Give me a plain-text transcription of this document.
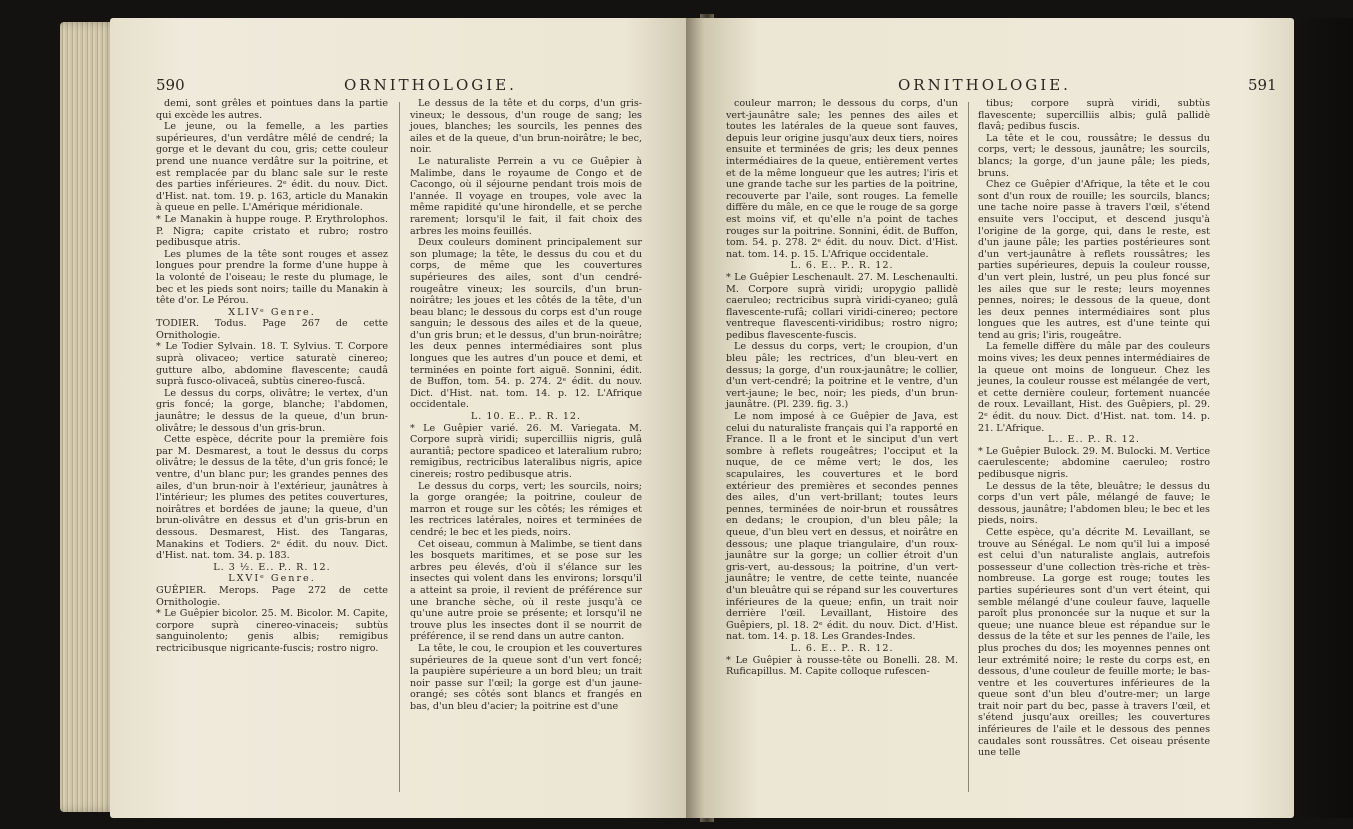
590	ORNITHOLOGIE.

demi, sont grêles et pointues dans la partie qui excède les autres.

Le jeune, ou la femelle, a les parties supérieures, d'un verdâtre mêlé de cendré; la gorge et le devant du cou, gris; cette couleur prend une nuance verdâtre sur la poitrine, et est remplacée par du blanc sale sur le reste des parties inférieures. 2ᵉ édit. du nouv. Dict. d'Hist. nat. tom. 19. p. 163, article du Manakin à queue en pelle. L'Amérique méridionale.

* Le Manakin à huppe rouge. P. Erythrolophos. P. Nigra; capite cristato et rubro; rostro pedibusque atris.

Les plumes de la tête sont rouges et assez longues pour prendre la forme d'une huppe à la volonté de l'oiseau; le reste du plumage, le bec et les pieds sont noirs; taille du Manakin à tête d'or. Le Pérou.

XLIVᵉ Genre.

TODIER. Todus. Page 267 de cette Ornithologie.

* Le Todier Sylvain. 18. T. Sylvius. T. Corpore suprà olivaceo; vertice saturatè cinereo; gutture albo, abdomine flavescente; caudâ suprà fusco-olivaceâ, subtùs cinereo-fuscâ.

Le dessus du corps, olivâtre; le vertex, d'un gris foncé; la gorge, blanche; l'abdomen, jaunâtre; le dessus de la queue, d'un brun-olivâtre; le dessous d'un gris-brun.

Cette espèce, décrite pour la première fois par M. Desmarest, a tout le dessus du corps olivâtre; le dessus de la tête, d'un gris foncé; le ventre, d'un blanc pur; les grandes pennes des ailes, d'un brun-noir à l'extérieur, jaunâtres à l'intérieur; les plumes des petites couvertures, noirâtres et bordées de jaune; la queue, d'un brun-olivâtre en dessus et d'un gris-brun en dessous. Desmarest, Hist. des Tangaras, Manakins et Todiers. 2ᵉ édit. du nouv. Dict. d'Hist. nat. tom. 34. p. 183.

L. 3 ½. E.. P.. R. 12.

LXVIᵉ Genre.

GUÊPIER. Merops. Page 272 de cette Ornithologie.

* Le Guêpier bicolor. 25. M. Bicolor. M. Capite, corpore suprà cinereo-vinaceis; subtùs sanguinolento; genis albis; remigibus rectricibusque nigricante-fuscis; rostro nigro.

Le dessus de la tête et du corps, d'un gris-vineux; le dessous, d'un rouge de sang; les joues, blanches; les sourcils, les pennes des ailes et de la queue, d'un brun-noirâtre; le bec, noir.

Le naturaliste Perrein a vu ce Guêpier à Malimbe, dans le royaume de Congo et de Cacongo, où il séjourne pendant trois mois de l'année. Il voyage en troupes, vole avec la même rapidité qu'une hirondelle, et se perche rarement; lorsqu'il le fait, il fait choix des arbres les moins feuillés.

Deux couleurs dominent principalement sur son plumage; la tête, le dessus du cou et du corps, de même que les couvertures supérieures des ailes, sont d'un cendré-rougeâtre vineux; les sourcils, d'un brun-noirâtre; les joues et les côtés de la tête, d'un beau blanc; le dessous du corps est d'un rouge sanguin; le dessous des ailes et de la queue, d'un gris brun; et le dessus, d'un brun-noirâtre; les deux pennes intermédiaires sont plus longues que les autres d'un pouce et demi, et terminées en pointe fort aiguë. Sonnini, édit. de Buffon, tom. 54. p. 274. 2ᵉ édit. du nouv. Dict. d'Hist. nat. tom. 14. p. 12. L'Afrique occidentale.

L. 10. E.. P.. R. 12.

* Le Guêpier varié. 26. M. Variegata. M. Corpore suprà viridi; supercilliis nigris, gulâ aurantiâ; pectore spadiceo et lateralium rubro; remigibus, rectricibus lateralibus nigris, apice cinereis; rostro pedibusque atris.

Le dessus du corps, vert; les sourcils, noirs; la gorge orangée; la poitrine, couleur de marron et rouge sur les côtés; les rémiges et les rectrices latérales, noires et terminées de cendré; le bec et les pieds, noirs.

Cet oiseau, commun à Malimbe, se tient dans les bosquets maritimes, et se pose sur les arbres peu élevés, d'où il s'élance sur les insectes qui volent dans les environs; lorsqu'il a atteint sa proie, il revient de préférence sur une branche sèche, où il reste jusqu'à ce qu'une autre proie se présente; et lorsqu'il ne trouve plus les insectes dont il se nourrit de préférence, il se rend dans un autre canton.

La tête, le cou, le croupion et les couvertures supérieures de la queue sont d'un vert foncé; la paupière supérieure a un bord bleu; un trait noir passe sur l'œil; la gorge est d'un jaune-orangé; ses côtés sont blancs et frangés en bas, d'un bleu d'acier; la poitrine est d'une

ORNITHOLOGIE.	591

couleur marron; le dessous du corps, d'un vert-jaunâtre sale; les pennes des ailes et toutes les latérales de la queue sont fauves, depuis leur origine jusqu'aux deux tiers, noires ensuite et terminées de gris; les deux pennes intermédiaires de la queue, entièrement vertes et de la même longueur que les autres; l'iris et une grande tache sur les parties de la poitrine, recouverte par l'aile, sont rouges. La femelle diffère du mâle, en ce que le rouge de sa gorge est moins vif, et qu'elle n'a point de taches rouges sur la poitrine. Sonnini, édit. de Buffon, tom. 54. p. 278. 2ᵉ édit. du nouv. Dict. d'Hist. nat. tom. 14. p. 15. L'Afrique occidentale.

L. 6. E.. P.. R. 12.

* Le Guêpier Leschenault. 27. M. Leschenaulti. M. Corpore suprà viridi; uropygio pallidè caeruleo; rectricibus suprà viridi-cyaneo; gulâ flavescente-rufâ; collari viridi-cinereo; pectore ventreque flavescenti-viridibus; rostro nigro; pedibus flavescente-fuscis.

Le dessus du corps, vert; le croupion, d'un bleu pâle; les rectrices, d'un bleu-vert en dessus; la gorge, d'un roux-jaunâtre; le collier, d'un vert-cendré; la poitrine et le ventre, d'un vert-jaune; le bec, noir; les pieds, d'un brun-jaunâtre. (Pl. 239. fig. 3.)

Le nom imposé à ce Guêpier de Java, est celui du naturaliste français qui l'a rapporté en France. Il a le front et le sinciput d'un vert sombre à reflets rougeâtres; l'occiput et la nuque, de ce même vert; le dos, les scapulaires, les couvertures et le bord extérieur des premières et secondes pennes des ailes, d'un vert-brillant; toutes leurs pennes, terminées de noir-brun et roussâtres en dedans; le croupion, d'un bleu pâle; la queue, d'un bleu vert en dessus, et noirâtre en dessous; une plaque triangulaire, d'un roux-jaunâtre sur la gorge; un collier étroit d'un gris-vert, au-dessous; la poitrine, d'un vert-jaunâtre; le ventre, de cette teinte, nuancée d'un bleuâtre qui se répand sur les couvertures inférieures de la queue; enfin, un trait noir derrière l'œil. Levaillant, Histoire des Guêpiers, pl. 18. 2ᵉ édit. du nouv. Dict. d'Hist. nat. tom. 14. p. 18. Les Grandes-Indes.

L. 6. E.. P.. R. 12.

* Le Guêpier à rousse-tête ou Bonelli. 28. M. Ruficapillus. M. Capite colloque rufescen-

tibus; corpore suprà viridi, subtùs flavescente; supercilliis albis; gulâ pallidè flavâ; pedibus fuscis.

La tête et le cou, roussâtre; le dessus du corps, vert; le dessous, jaunâtre; les sourcils, blancs; la gorge, d'un jaune pâle; les pieds, bruns.

Chez ce Guêpier d'Afrique, la tête et le cou sont d'un roux de rouille; les sourcils, blancs; une tache noire passe à travers l'œil, s'étend ensuite vers l'occiput, et descend jusqu'à l'origine de la gorge, qui, dans le reste, est d'un jaune pâle; les parties postérieures sont d'un vert-jaunâtre à reflets roussâtres; les parties supérieures, depuis la couleur rousse, d'un vert plein, lustré, un peu plus foncé sur les ailes que sur le reste; leurs moyennes pennes, noires; le dessous de la queue, dont les deux pennes intermédiaires sont plus longues que les autres, est d'une teinte qui tend au gris; l'iris, rougeâtre.

La femelle diffère du mâle par des couleurs moins vives; les deux pennes intermédiaires de la queue ont moins de longueur. Chez les jeunes, la couleur rousse est mélangée de vert, et cette dernière couleur, fortement nuancée de roux. Levaillant, Hist. des Guêpiers, pl. 29. 2ᵉ édit. du nouv. Dict. d'Hist. nat. tom. 14. p. 21. L'Afrique.

L.. E.. P.. R. 12.

* Le Guêpier Bulock. 29. M. Bulocki. M. Vertice caerulescente; abdomine caeruleo; rostro pedibusque nigris.

Le dessus de la tête, bleuâtre; le dessus du corps d'un vert pâle, mélangé de fauve; le dessous, jaunâtre; l'abdomen bleu; le bec et les pieds, noirs.

Cette espèce, qu'a décrite M. Levaillant, se trouve au Sénégal. Le nom qu'il lui a imposé est celui d'un naturaliste anglais, autrefois possesseur d'une collection très-riche et très-nombreuse. La gorge est rouge; toutes les parties supérieures sont d'un vert éteint, qui semble mélangé d'une couleur fauve, laquelle paroît plus prononcée sur la nuque et sur la queue; une nuance bleue est répandue sur le dessus de la tête et sur les pennes de l'aile, les plus proches du dos; les moyennes pennes ont leur extrémité noire; le reste du corps est, en dessous, d'une couleur de feuille morte; le bas-ventre et les couvertures inférieures de la queue sont d'un bleu d'outre-mer; un large trait noir part du bec, passe à travers l'œil, et s'étend jusqu'aux oreilles; les couvertures inférieures de l'aile et le dessous des pennes caudales sont roussâtres. Cet oiseau présente une telle
